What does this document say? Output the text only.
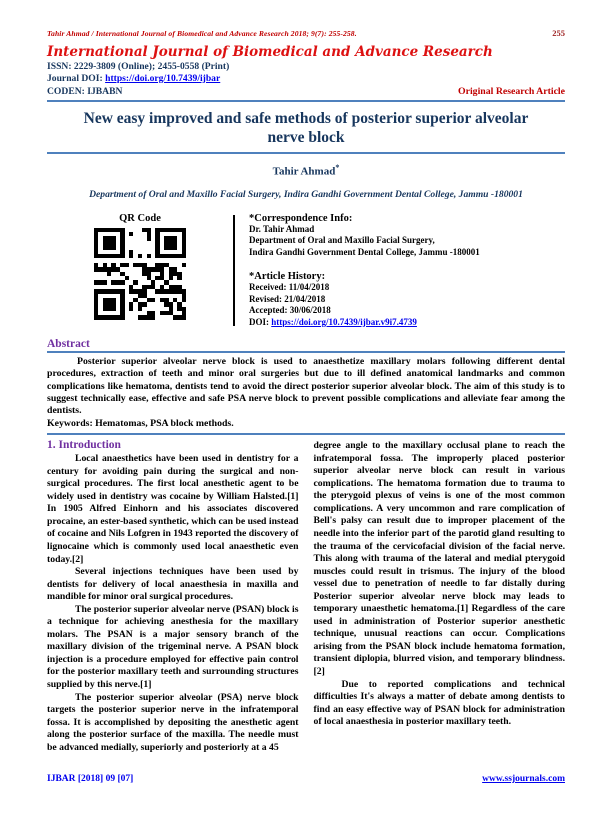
Tahir Ahmad / International Journal of Biomedical and Advance Research 2018; 9(7): 255-258.	255
International Journal of Biomedical and Advance Research
ISSN: 2229-3809 (Online); 2455-0558 (Print)
Journal DOI: https://doi.org/10.7439/ijbar
CODEN: IJBABN	Original Research Article
New easy improved and safe methods of posterior superior alveolar nerve block
Tahir Ahmad*
Department of Oral and Maxillo Facial Surgery, Indira Gandhi Government Dental College, Jammu -180001
QR Code	*Correspondence Info:
Dr. Tahir Ahmad
Department of Oral and Maxillo Facial Surgery,
Indira Gandhi Government Dental College, Jammu -180001
*Article History:
Received: 11/04/2018
Revised: 21/04/2018
Accepted: 30/06/2018
DOI: https://doi.org/10.7439/ijbar.v9i7.4739
Abstract
Posterior superior alveolar nerve block is used to anaesthetize maxillary molars following different dental procedures, extraction of teeth and minor oral surgeries but due to ill defined anatomical landmarks and common complications like hematoma, dentists tend to avoid the direct posterior superior alveolar block. The aim of this study is to suggest technically ease, effective and safe PSA nerve block to prevent possible complications and alleviate fear among the dentists.
Keywords: Hematomas, PSA block methods.
1. Introduction
Local anaesthetics have been used in dentistry for a century for avoiding pain during the surgical and non-surgical procedures. The first local anesthetic agent to be widely used in dentistry was cocaine by William Halsted.[1] In 1905 Alfred Einhorn and his associates discovered procaine, an ester-based synthetic, which can be used instead of cocaine and Nils Lofgren in 1943 reported the discovery of lignocaine which is commonly used local anaesthetic even today.[2]
Several injections techniques have been used by dentists for delivery of local anaesthesia in maxilla and mandible for minor oral surgical procedures.
The posterior superior alveolar nerve (PSAN) block is a technique for achieving anesthesia for the maxillary molars. The PSAN is a major sensory branch of the maxillary division of the trigeminal nerve. A PSAN block injection is a procedure employed for effective pain control for the posterior maxillary teeth and surrounding structures supplied by this nerve.[1]
The posterior superior alveolar (PSA) nerve block targets the posterior superior nerve in the infratemporal fossa. It is accomplished by depositing the anesthetic agent along the posterior surface of the maxilla. The needle must be advanced medially, superiorly and posteriorly at a 45
degree angle to the maxillary occlusal plane to reach the infratemporal fossa. The improperly placed posterior superior alveolar nerve block can result in various complications. The hematoma formation due to trauma to the pterygoid plexus of veins is one of the most common complications. A very uncommon and rare complication of Bell's palsy can result due to improper placement of the needle into the inferior part of the parotid gland resulting to the trauma of the cervicofacial division of the facial nerve. This along with trauma of the lateral and medial pterygoid muscles could result in trismus. The injury of the blood vessel due to penetration of needle to far distally during Posterior superior alveolar nerve block may leads to temporary unaesthetic hematoma.[1] Regardless of the care used in administration of Posterior superior anesthetic technique, unusual reactions can occur. Complications arising from the PSAN block include hematoma formation, transient diplopia, blurred vision, and temporary blindness.[2]
Due to reported complications and technical difficulties It's always a matter of debate among dentists to find an easy effective way of PSAN block for administration of local anaesthesia in posterior maxillary teeth.
IJBAR [2018] 09 [07]	www.ssjournals.com
